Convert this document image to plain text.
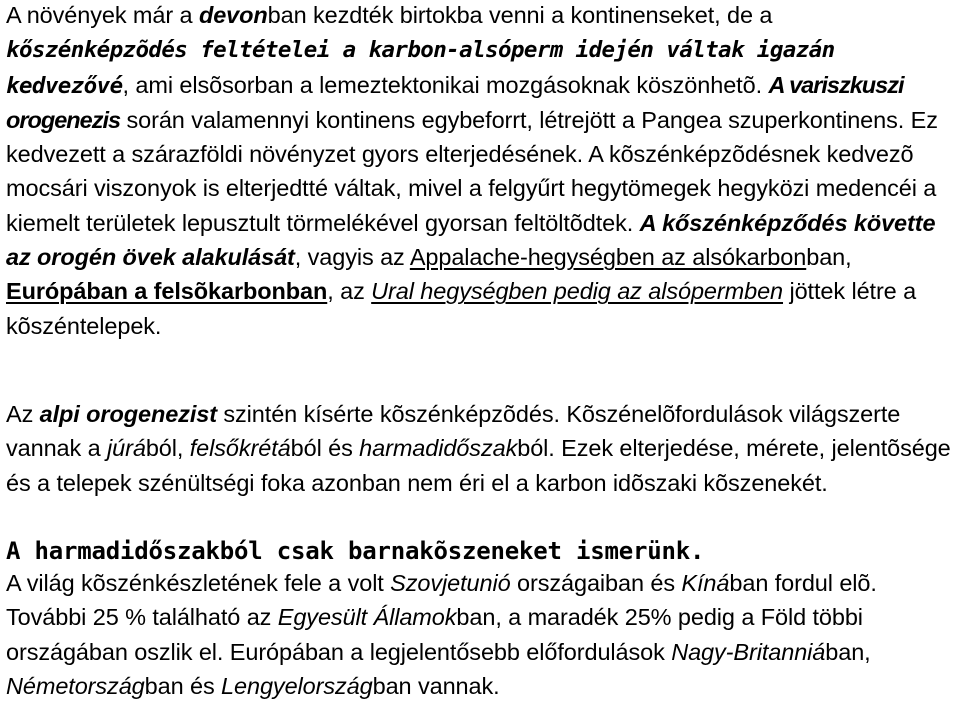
A növények már a devonban kezdték birtokba venni a kontinenseket, de a kőszénképzõdés feltételei a karbon-alsóperm idején váltak igazán kedvezővé, ami elsõsorban a lemeztektonikai mozgásoknak köszönhetõ. A variszkuszi orogenezis során valamennyi kontinens egybeforrt, létrejött a Pangea szuperkontinens. Ez kedvezett a szárazföldi növényzet gyors elterjedésének. A kõszénképzõdésnek kedvezõ mocsári viszonyok is elterjedtté váltak, mivel a felgyűrt hegytömegek hegyközi medencéi a kiemelt területek lepusztult törmelékével gyorsan feltöltõdtek. A kőszénképződés követte az orogén övek alakulását, vagyis az Appalache-hegységben az alsókarbonban, Európában a felsõkarbonban, az Ural hegységben pedig az alsópermben jöttek létre a kõszéntelepek.

Az alpi orogenezist szintén kísérte kõszénképzõdés. Kõszénelõfordulások világszerte vannak a júrából, felsőkrétából és harmadidőszakból. Ezek elterjedése, mérete, jelentõsége és a telepek szénültségi foka azonban nem éri el a karbon idõszaki kõszenekét.

A harmadidőszakból csak barnakõszeneket ismerünk.

A világ kõszénkészletének fele a volt Szovjetunió országaiban és Kínában fordul elõ. További 25 % található az Egyesült Államokban, a maradék 25% pedig a Föld többi országában oszlik el. Európában a legjelentősebb előfordulások Nagy-Britanniában, Németországban és Lengyelországban vannak.
